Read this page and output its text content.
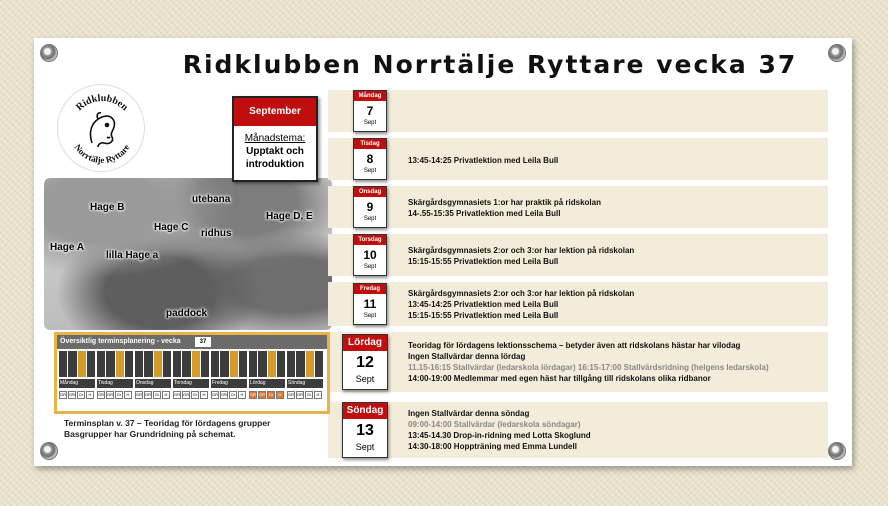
Ridklubben Norrtälje Ryttare vecka 37
Ridklubben
Norrtälje Ryttare
Hage B
utebana
Hage D, E
Hage C
ridhus
Hage A
lilla Hage a
paddock
September
Månadstema:
Upptakt och introduktion
Måndag
7
Sept
Tisdag
8
Sept
13:45-14:25 Privatlektion med Leila Bull
Onsdag
9
Sept
Skärgårdsgymnasiets 1:or har praktik på ridskolan
14-.55-15:35 Privatlektion med Leila Bull
Torsdag
10
Sept
Skärgårdsgymnasiets 2:or och 3:or har lektion på ridskolan
15:15-15:55 Privatlektion med Leila Bull
Fredag
11
Sept
Skärgårdsgymnasiets 2:or och 3:or har lektion på ridskolan
13:45-14:25 Privatlektion med Leila Bull
15:15-15:55 Privatlektion med Leila Bull
Lördag
12
Sept
Teoridag för lördagens lektionsschema – betyder även att ridskolans hästar har vilodag
Ingen Stallvärdar denna lördag
11.15-16:15 Stallvärdar (ledarskola lördagar) 16:15-17:00 Stallvärdsridning (helgens ledarskola)
14:00-19:00 Medlemmar med egen häst har tillgång till ridskolans olika ridbanor
Söndag
13
Sept
Ingen Stallvärdar denna söndag
09:00-14:00 Stallvärdar (ledarskola söndagar)
13:45-14.30 Drop-in-ridning med Lotta Skoglund
14:30-18:00 Hoppträning med Emma Lundell
Översiktlig terminsplanering - vecka	37
Måndag
GR GR Gr	H
Tisdag
GR GR Gr	H
Onsdag
GR GR Gr	H
Torsdag
GR GR Gr	H
Fredag
GR GR Gr	H
Lördag
GR GR Gr	H
Söndag
GR GR Gr	H
Terminsplan v. 37 – Teoridag för lördagens grupper
Basgrupper har Grundridning på schemat.
